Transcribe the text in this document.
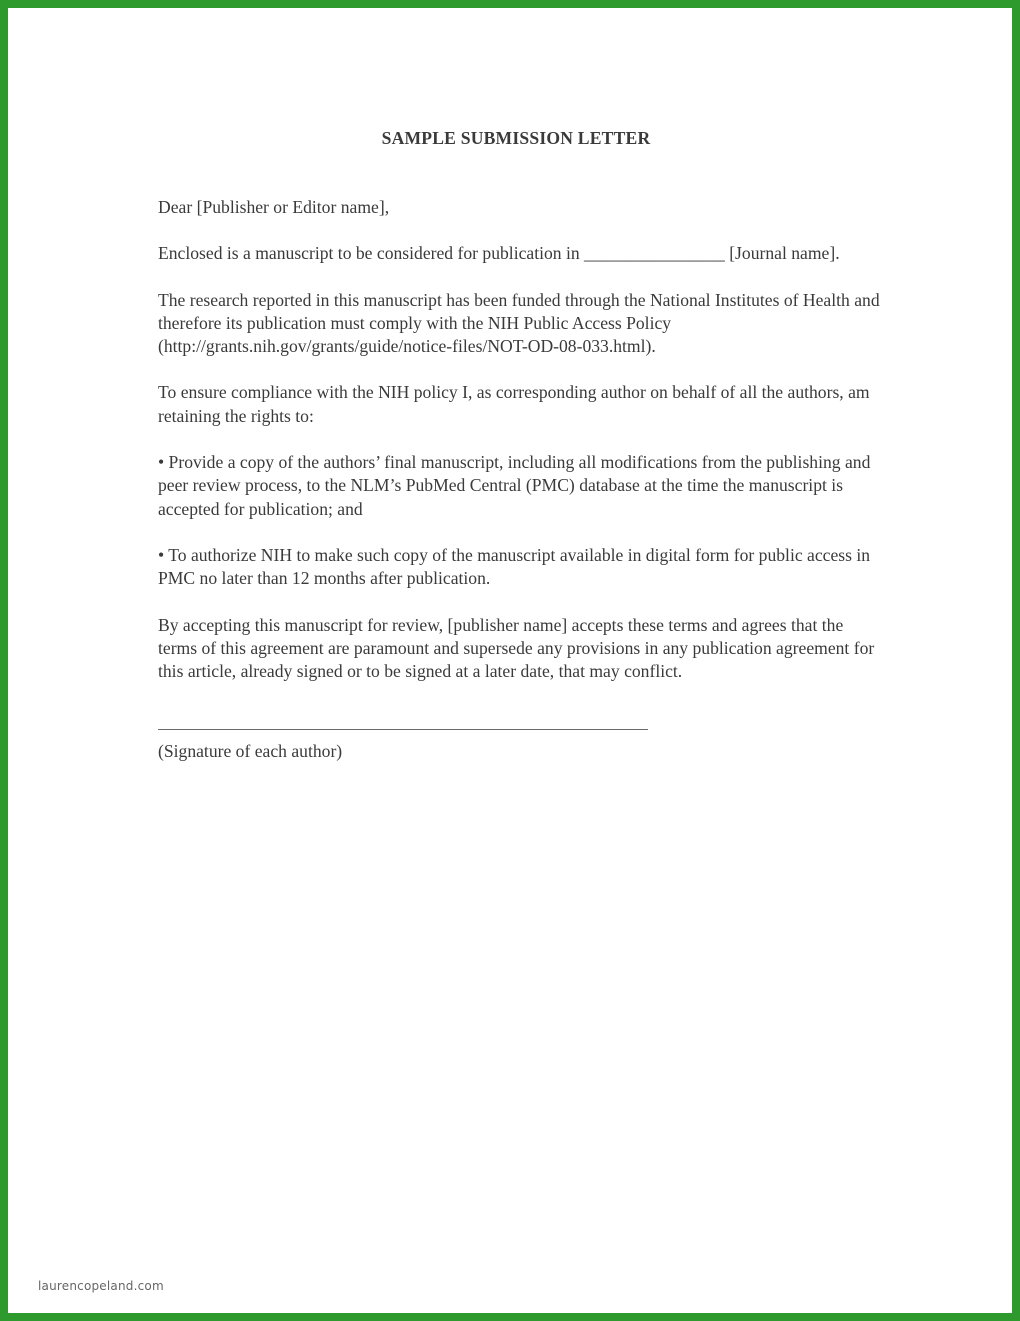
SAMPLE SUBMISSION LETTER
Dear [Publisher or Editor name],
Enclosed is a manuscript to be considered for publication in ________________ [Journal name].
The research reported in this manuscript has been funded through the National Institutes of Health and therefore its publication must comply with the NIH Public Access Policy (http://grants.nih.gov/grants/guide/notice-files/NOT-OD-08-033.html).
To ensure compliance with the NIH policy I, as corresponding author on behalf of all the authors, am retaining the rights to:
• Provide a copy of the authors’ final manuscript, including all modifications from the publishing and peer review process, to the NLM’s PubMed Central (PMC) database at the time the manuscript is accepted for publication; and
• To authorize NIH to make such copy of the manuscript available in digital form for public access in PMC no later than 12 months after publication.
By accepting this manuscript for review, [publisher name] accepts these terms and agrees that the terms of this agreement are paramount and supersede any provisions in any publication agreement for this article, already signed or to be signed at a later date, that may conflict.
(Signature of each author)
laurencopeland.com
